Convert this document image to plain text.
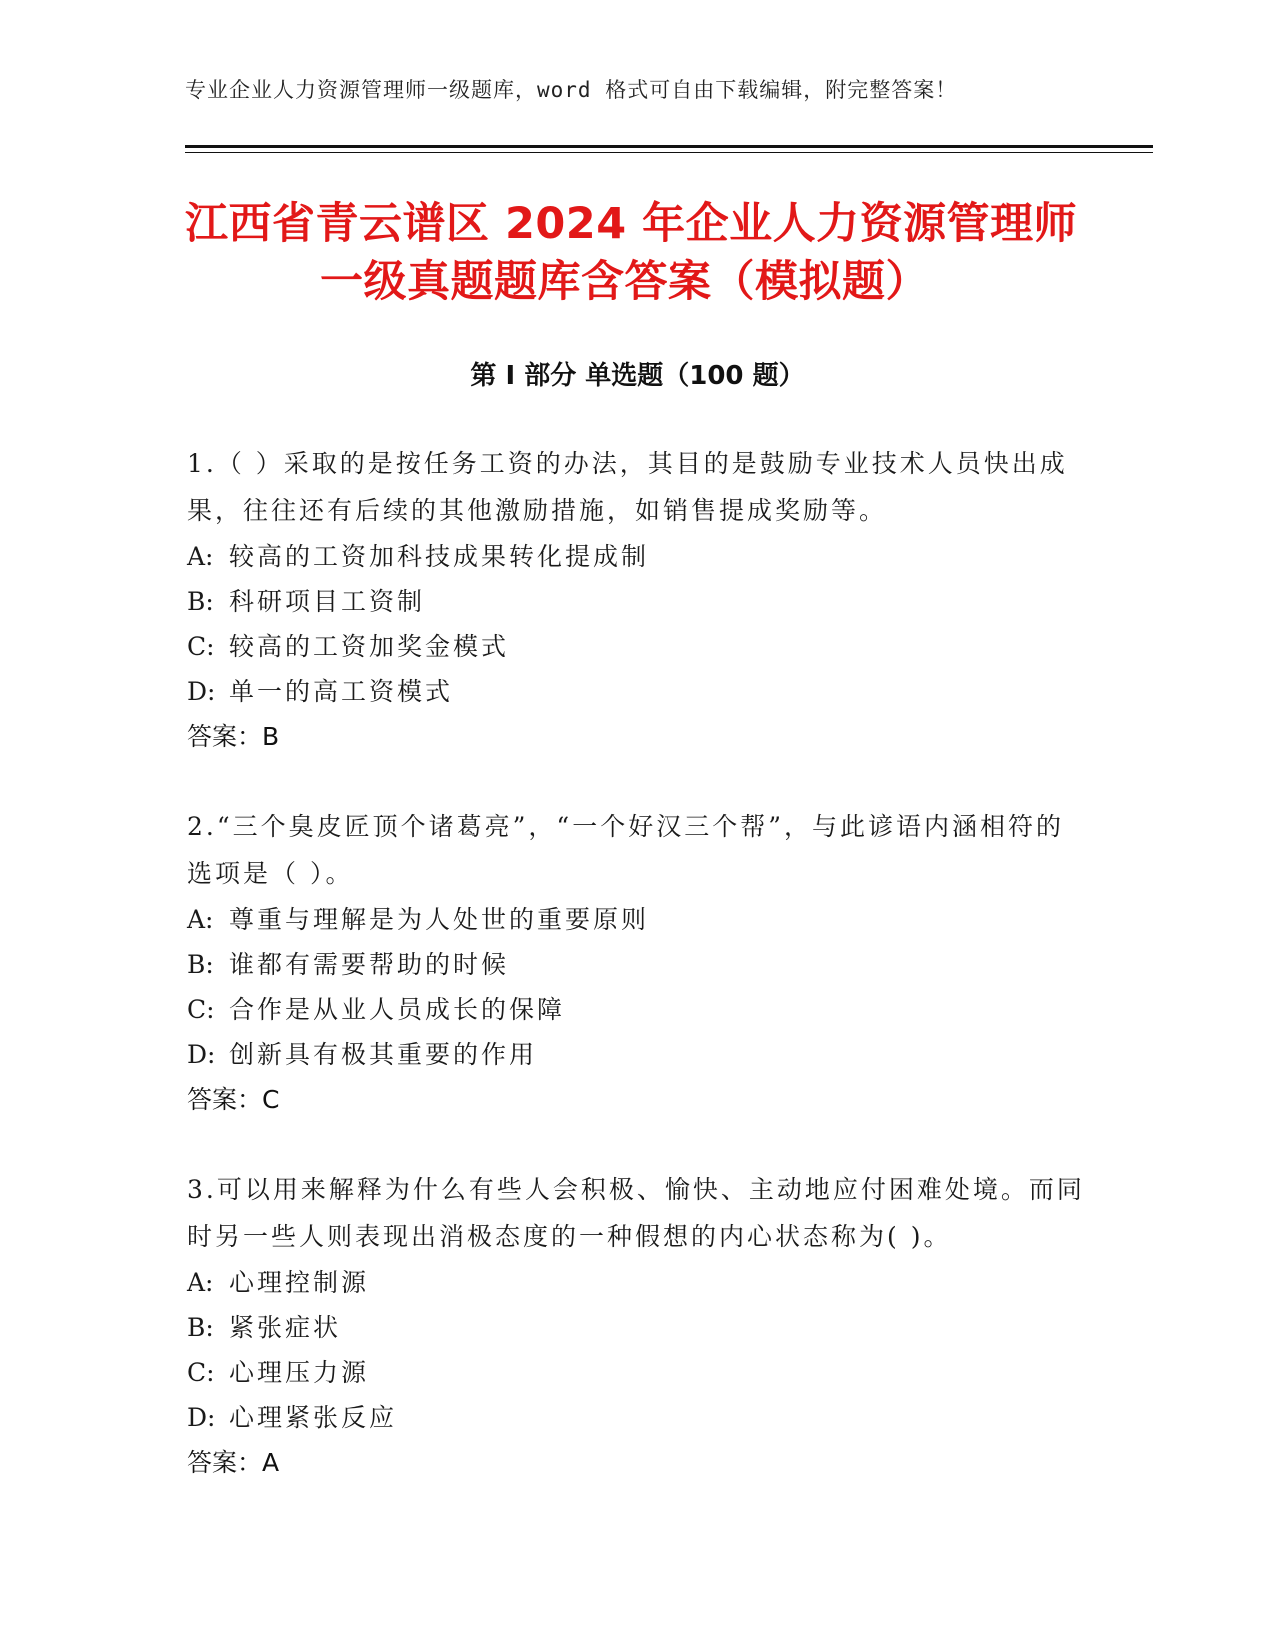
专业企业人力资源管理师一级题库，word 格式可自由下载编辑，附完整答案！
江西省青云谱区 2024 年企业人力资源管理师
一级真题题库含答案（模拟题）
第 I 部分 单选题（100 题）
1.（ ）采取的是按任务工资的办法，其目的是鼓励专业技术人员快出成果，往往还有后续的其他激励措施，如销售提成奖励等。
A: 较高的工资加科技成果转化提成制
B: 科研项目工资制
C: 较高的工资加奖金模式
D: 单一的高工资模式
答案：B
2.“三个臭皮匠顶个诸葛亮”，“一个好汉三个帮”，与此谚语内涵相符的选项是（ ）。
A: 尊重与理解是为人处世的重要原则
B: 谁都有需要帮助的时候
C: 合作是从业人员成长的保障
D: 创新具有极其重要的作用
答案：C
3.可以用来解释为什么有些人会积极、愉快、主动地应付困难处境。而同时另一些人则表现出消极态度的一种假想的内心状态称为( )。
A: 心理控制源
B: 紧张症状
C: 心理压力源
D: 心理紧张反应
答案：A
